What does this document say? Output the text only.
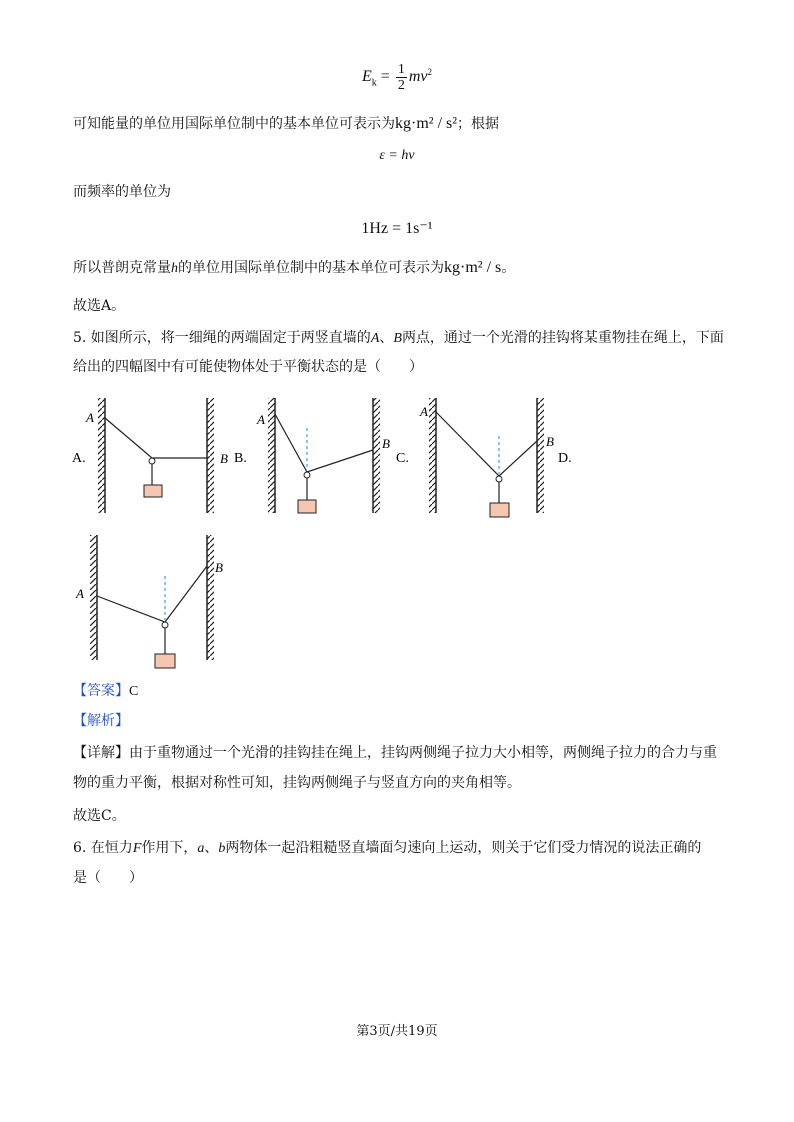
$E_k = \frac{1}{2} mv^2$
可知能量的单位用国际单位制中的基本单位可表示为kg·m² / s²；根据
ε = hν
而频率的单位为
1Hz = 1s⁻¹
所以普朗克常量h的单位用国际单位制中的基本单位可表示为kg·m² / s。
故选A。
5. 如图所示，将一细绳的两端固定于两竖直墙的A、B两点，通过一个光滑的挂钩将某重物挂在绳上，下面
给出的四幅图中有可能使物体处于平衡状态的是（　　）
A
B
A.
A
B
B.
A
B
C.	D.
A
B
【答案】C
【解析】
【详解】由于重物通过一个光滑的挂钩挂在绳上，挂钩两侧绳子拉力大小相等，两侧绳子拉力的合力与重
物的重力平衡，根据对称性可知，挂钩两侧绳子与竖直方向的夹角相等。
故选C。
6. 在恒力F作用下，a、b两物体一起沿粗糙竖直墙面匀速向上运动，则关于它们受力情况的说法正确的
是（　　）
第3页/共19页
